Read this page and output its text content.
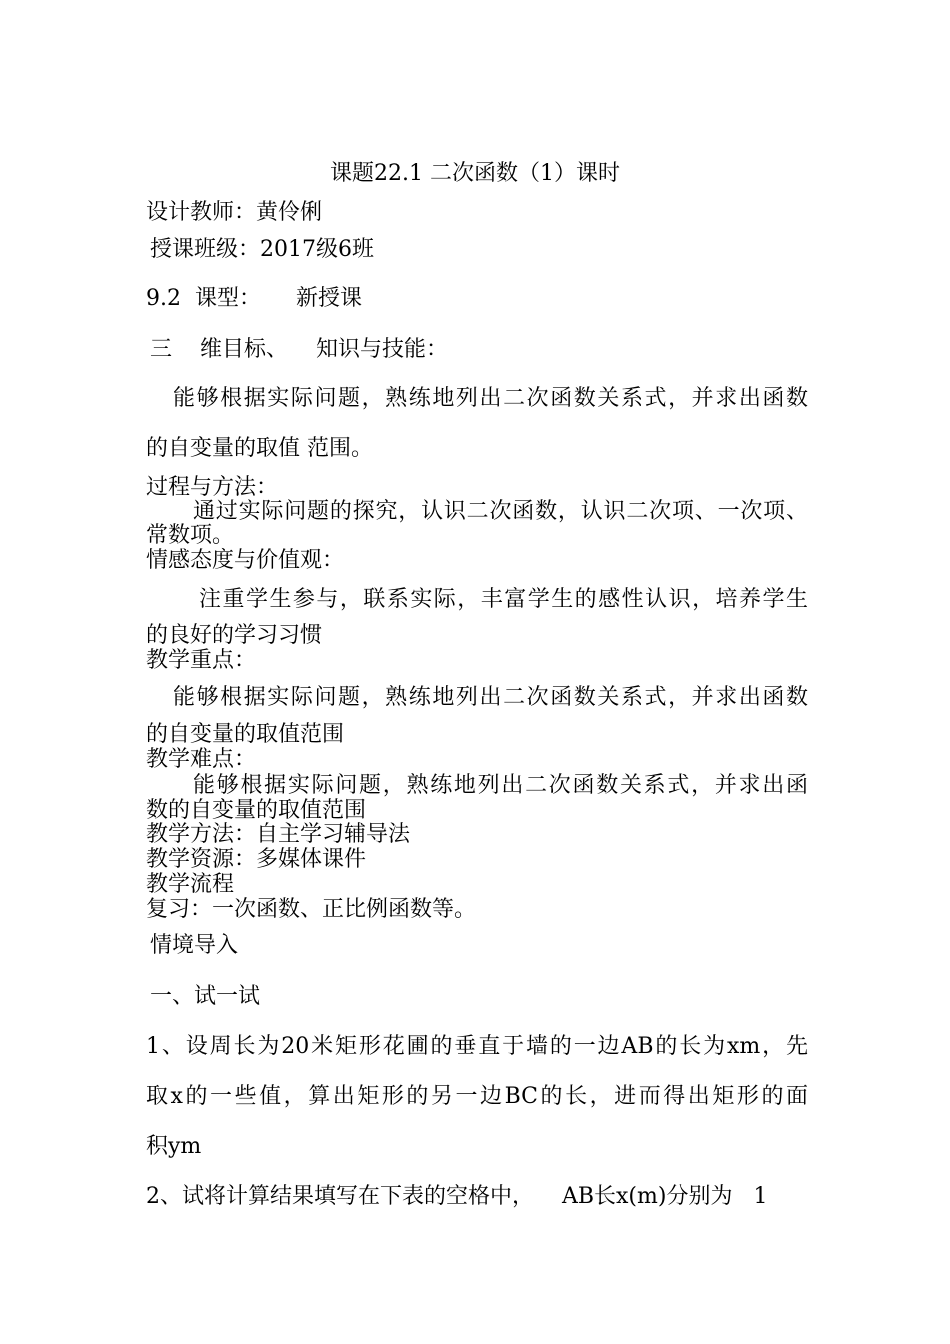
课题22.1 二次函数（1）课时
设计教师：黄伶俐
授课班级：2017级6班
9.2  课型：     新授课
三    维目标、    知识与技能：
能够根据实际问题，熟练地列出二次函数关系式，并求出函数
的自变量的取值 范围。
过程与方法：
通过实际问题的探究，认识二次函数，认识二次项、一次项、
常数项。
情感态度与价值观：
注重学生参与，联系实际，丰富学生的感性认识，培养学生
的良好的学习习惯
教学重点：
能够根据实际问题，熟练地列出二次函数关系式，并求出函数
的自变量的取值范围
教学难点：
能够根据实际问题，熟练地列出二次函数关系式，并求出函
数的自变量的取值范围
教学方法：自主学习辅导法
教学资源：多媒体课件
教学流程
复习：一次函数、正比例函数等。
情境导入
一、试一试
1、设周长为20米矩形花圃的垂直于墙的一边AB的长为xm，先
取x的一些值，算出矩形的另一边BC的长，进而得出矩形的面
积ym
2、试将计算结果填写在下表的空格中，    AB长x(m)分别为   1
